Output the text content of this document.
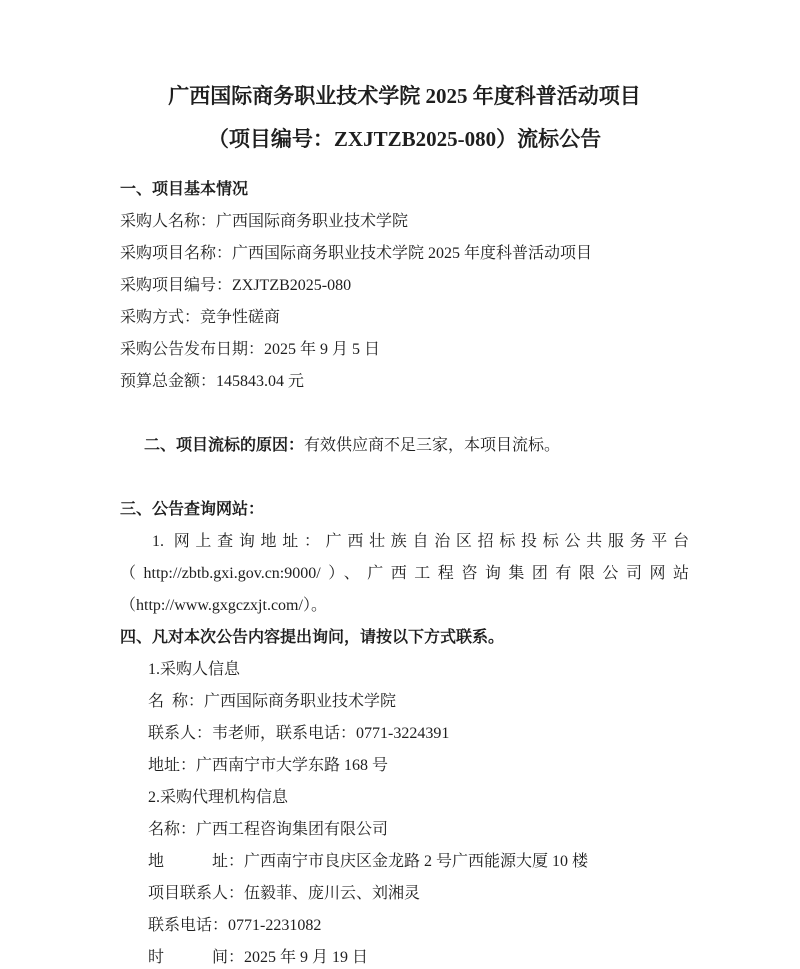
广西国际商务职业技术学院 2025 年度科普活动项目
（项目编号：ZXJTZB2025-080）流标公告
一、项目基本情况
采购人名称：广西国际商务职业技术学院
采购项目名称：广西国际商务职业技术学院 2025 年度科普活动项目
采购项目编号：ZXJTZB2025-080
采购方式：竞争性磋商
采购公告发布日期：2025 年 9 月 5 日
预算总金额：145843.04 元

二、项目流标的原因：有效供应商不足三家，本项目流标。

三、公告查询网站：
1. 网上查询地址：广西壮族自治区招标投标公共服务平台
（http://zbtb.gxi.gov.cn:9000/）、广西工程咨询集团有限公司网站
（http://www.gxgczxjt.com/）。
四、凡对本次公告内容提出询问，请按以下方式联系。
1.采购人信息
名  称：广西国际商务职业技术学院
联系人：韦老师，联系电话：0771-3224391
地址：广西南宁市大学东路 168 号
2.采购代理机构信息
名称：广西工程咨询集团有限公司
地　　　址：广西南宁市良庆区金龙路 2 号广西能源大厦 10 楼
项目联系人：伍毅菲、庞川云、刘湘灵
联系电话：0771-2231082
时　　　间：2025 年 9 月 19 日
